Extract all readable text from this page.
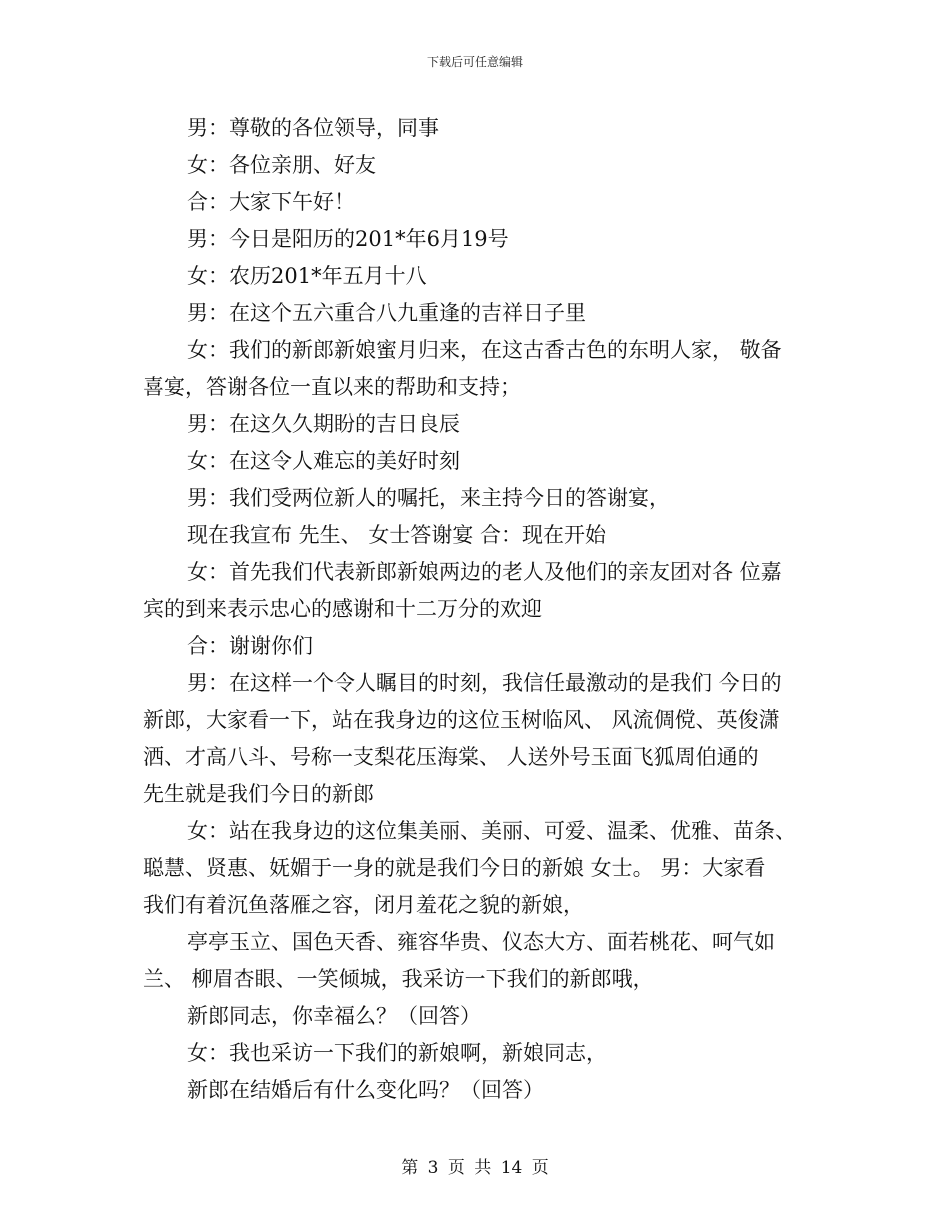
下载后可任意编辑
男：尊敬的各位领导，同事
女：各位亲朋、好友
合：大家下午好！
男：今日是阳历的201*年6月19号
女：农历201*年五月十八
男：在这个五六重合八九重逢的吉祥日子里
女：我们的新郎新娘蜜月归来，在这古香古色的东明人家， 敬备
喜宴，答谢各位一直以来的帮助和支持；
男：在这久久期盼的吉日良辰
女：在这令人难忘的美好时刻
男：我们受两位新人的嘱托，来主持今日的答谢宴，
现在我宣布 先生、 女士答谢宴 合：现在开始
女：首先我们代表新郎新娘两边的老人及他们的亲友团对各 位嘉
宾的到来表示忠心的感谢和十二万分的欢迎
合：谢谢你们
男：在这样一个令人瞩目的时刻，我信任最激动的是我们 今日的
新郎，大家看一下，站在我身边的这位玉树临风、 风流倜傥、英俊潇
洒、才高八斗、号称一支梨花压海棠、 人送外号玉面飞狐周伯通的
先生就是我们今日的新郎
女：站在我身边的这位集美丽、美丽、可爱、温柔、优雅、苗条、
聪慧、贤惠、妩媚于一身的就是我们今日的新娘 女士。 男：大家看
我们有着沉鱼落雁之容，闭月羞花之貌的新娘，
亭亭玉立、国色天香、雍容华贵、仪态大方、面若桃花、呵气如
兰、 柳眉杏眼、一笑倾城，我采访一下我们的新郎哦，
新郎同志，你幸福么？（回答）
女：我也采访一下我们的新娘啊，新娘同志，
新郎在结婚后有什么变化吗？（回答）
第 3 页 共 14 页
